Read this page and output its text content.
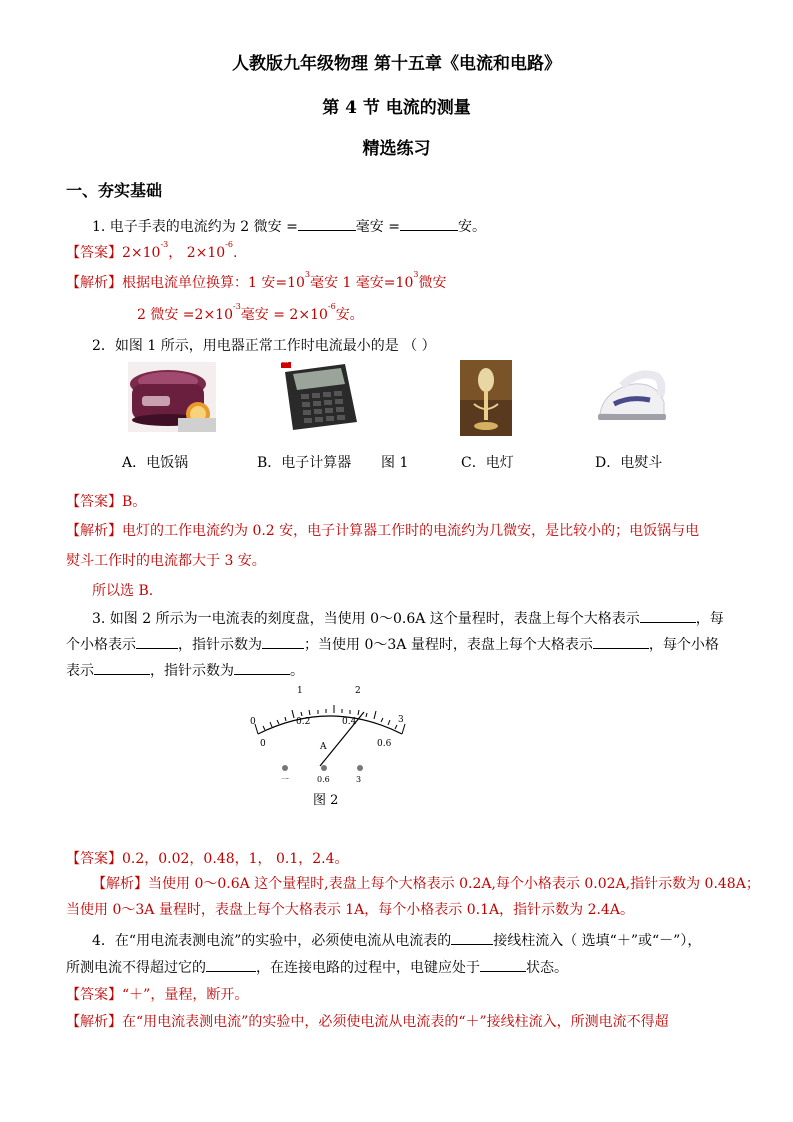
人教版九年级物理 第十五章《电流和电路》
第 4 节 电流的测量
精选练习
一、夯实基础
1. 电子手表的电流约为 2 微安 =	毫安 =	安。
【答案】$2\times 10^{-3}$， $2\times 10^{-6}$.
【解析】根据电流单位换算：1 安$=10^3$毫安 1 毫安$=10^3$微安
2 微安 $=2\times 10^{-3}$毫安 = $2\times 10^{-6}$安。
2．如图 1 所示，用电器正常工作时电流最小的是 （ ）
deli
A．电饭锅	B．电子计算器 图 1	C．电灯	D．电熨斗
【答案】B。
【解析】电灯的工作电流约为 0.2 安，电子计算器工作时的电流约为几微安，是比较小的；电饭锅与电
熨斗工作时的电流都大于 3 安。
所以选 B.
3. 如图 2 所示为一电流表的刻度盘，当使用 0～0.6A 这个量程时，表盘上每个大格表示	，每
个小格表示	，指针示数为	；当使用 0～3A 量程时，表盘上每个大格表示	，每个小格
表示	，指针示数为	。
0
1	2
3
0
0.2	0.4
0.6
A
一	0.6	3
图 2
【答案】0.2，0.02，0.48，1， 0.1，2.4。
【解析】当使用 0～0.6A 这个量程时,表盘上每个大格表示 0.2A,每个小格表示 0.02A,指针示数为 0.48A；
当使用 0～3A 量程时，表盘上每个大格表示 1A，每个小格表示 0.1A，指针示数为 2.4A。
4．在“用电流表测电流”的实验中，必须使电流从电流表的	接线柱流入（ 选填“＋”或“－”），
所测电流不得超过它的	，在连接电路的过程中，电键应处于	状态。
【答案】“＋”，量程，断开。
【解析】在“用电流表测电流”的实验中，必须使电流从电流表的“＋”接线柱流入，所测电流不得超
